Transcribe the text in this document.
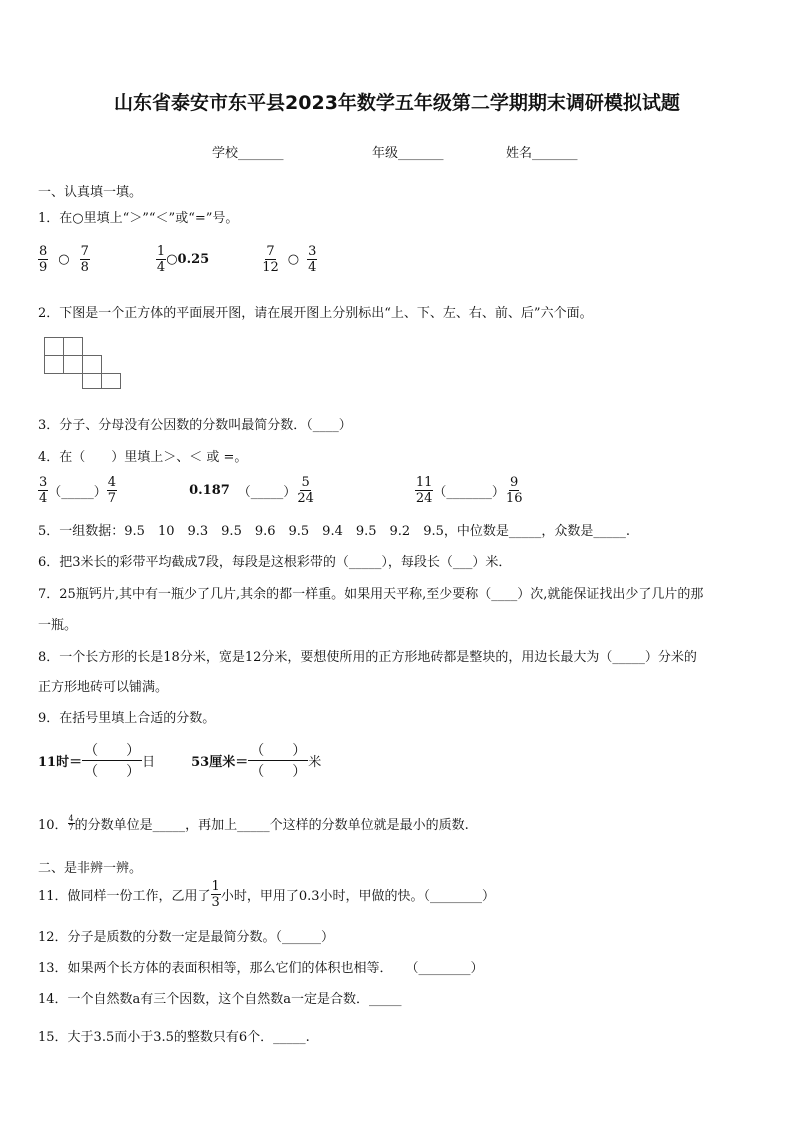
山东省泰安市东平县2023年数学五年级第二学期期末调研模拟试题
学校_______	年级_______	姓名_______
一、认真填一填。
1．在○里填上“＞”“＜”或“=”号。
$\frac{8}{9}$ ○ $\frac{7}{8}$	$\frac{1}{4}$ ○ 0.25	$\frac{7}{12}$ ○ $\frac{3}{4}$
2．下图是一个正方体的平面展开图，请在展开图上分别标出“上、下、左、右、前、后”六个面。
3．分子、分母没有公因数的分数叫最简分数．（____）
4．在（　　）里填上＞、＜ 或 =。
$\frac{3}{4}$ （_____） $\frac{4}{7}$	0.187 （_____） $\frac{5}{24}$	$\frac{11}{24}$ （_______） $\frac{9}{16}$
5．一组数据：9.5　10　9.3　9.5　9.6　9.5　9.4　9.5　9.2　9.5，中位数是_____，众数是_____.
6．把3米长的彩带平均截成7段，每段是这根彩带的（_____），每段长（___）米．
7．25瓶钙片,其中有一瓶少了几片,其余的都一样重。如果用天平称,至少要称（____）次,就能保证找出少了几片的那
一瓶。
8．一个长方形的长是18分米，宽是12分米，要想使所用的正方形地砖都是整块的，用边长最大为（_____）分米的
正方形地砖可以铺满。
9．在括号里填上合适的分数。
11时＝ $\frac{( )}{( )}$ 日	53厘米＝ $\frac{( )}{( )}$ 米
10． $\frac{4}{7}$ 的分数单位是_____，再加上_____个这样的分数单位就是最小的质数.
二、是非辨一辨。
11．做同样一份工作，乙用了 $\frac{1}{3}$ 小时，甲用了0.3小时，甲做的快。（________）
12．分子是质数的分数一定是最简分数。（______）
13．如果两个长方体的表面积相等，那么它们的体积也相等．　　（________）
14．一个自然数a有三个因数，这个自然数a一定是合数．_____
15．大于3.5而小于3.5的整数只有6个．_____.
